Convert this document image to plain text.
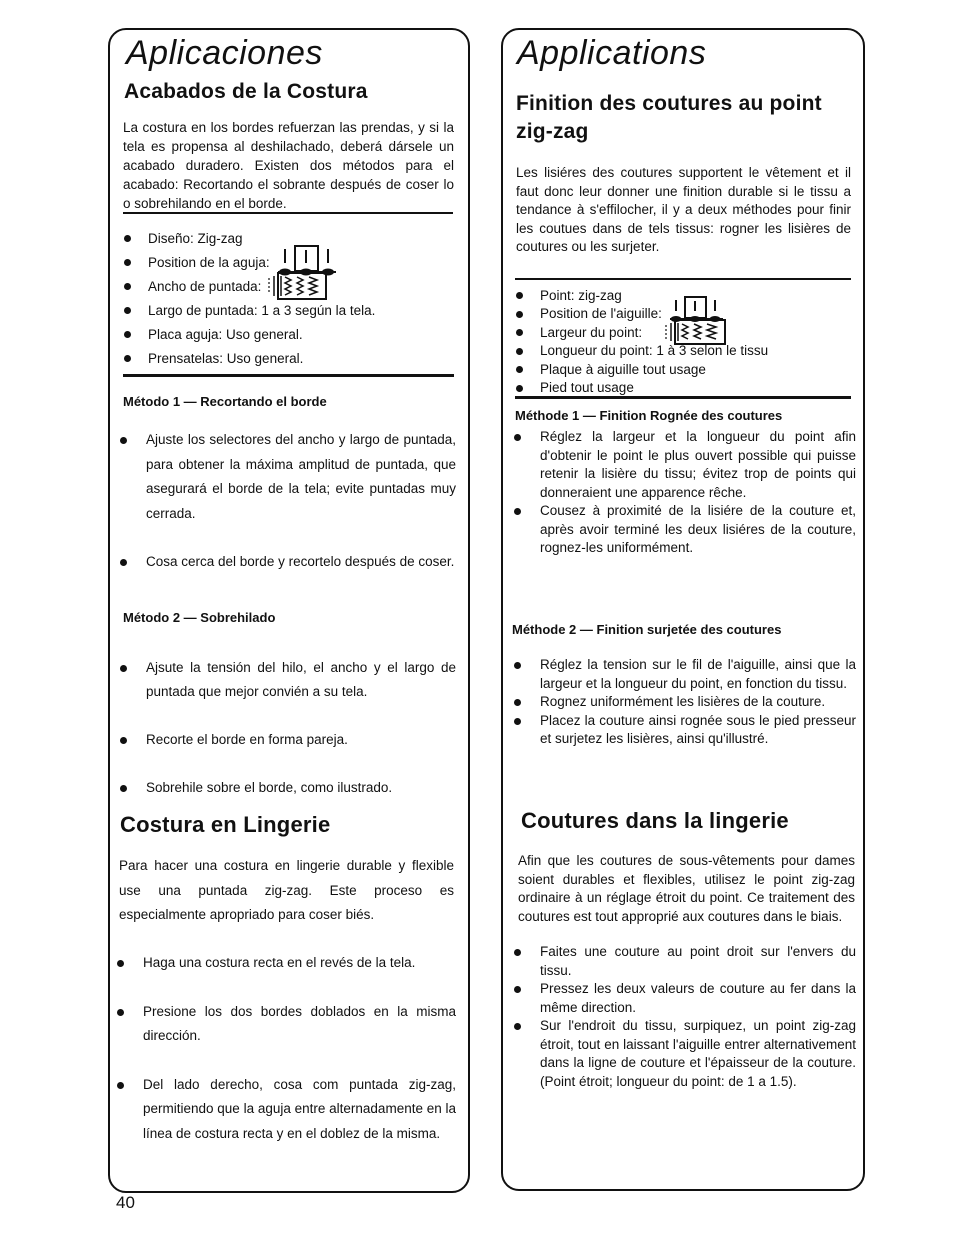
Aplicaciones
Acabados de la Costura

La costura en los bordes refuerzan las prendas, y si la tela es propensa al deshilachado, deberá dársele un acabado duradero. Existen dos métodos para el acabado: Recortando el sobrante después de coser lo o sobrehilando en el borde.

Diseño: Zig-zag
Position de la aguja:
Ancho de puntada:
Largo de puntada: 1 a 3 según la tela.
Placa aguja: Uso general.
Prensatelas: Uso general.
Método 1 — Recortando el borde
Ajuste los selectores del ancho y largo de puntada, para obtener la máxima amplitud de puntada, que asegurará el borde de la tela; evite puntadas muy cerrada.
Cosa cerca del borde y recortelo después de coser.
Método 2 — Sobrehilado
Ajsute la tensión del hilo, el ancho y el largo de puntada que mejor convién a su tela.
Recorte el borde en forma pareja.
Sobrehile sobre el borde, como ilustrado.
Costura en Lingerie

Para hacer una costura en lingerie durable y flexible use una puntada zig-zag. Este proceso es especialmente apropriado para coser biés.

Haga una costura recta en el revés de la tela.
Presione los dos bordes doblados en la misma dirección.
Del lado derecho, cosa com puntada zig-zag, permitiendo que la aguja entre alternadamente en la línea de costura recta y en el doblez de la misma.
Applications
Finition des coutures au point zig-zag

Les lisiéres des coutures supportent le vêtement et il faut donc leur donner une finition durable si le tissu a tendance à s'effilocher, il y a deux méthodes pour finir les coutues dans de tels tissus: rogner les lisières de coutures ou les surjeter.

Point: zig-zag
Position de l'aiguille:
Largeur du point:
Longueur du point: 1 à 3 selon le tissu
Plaque à aiguille tout usage
Pied tout usage
Méthode 1 — Finition Rognée des coutures
Réglez la largeur et la longueur du point afin d'obtenir le point le plus ouvert possible qui puisse retenir la lisière du tissu; évitez trop de points qui donneraient une apparence rêche.
Cousez à proximité de la lisiére de la couture et, après avoir terminé les deux lisiéres de la couture, rognez-les uniformément.
Méthode 2 — Finition surjetée des coutures
Réglez la tension sur le fil de l'aiguille, ainsi que la largeur et la longueur du point, en fonction du tissu.
Rognez uniformément les lisières de la couture.
Placez la couture ainsi rognée sous le pied presseur et surjetez les lisières, ainsi qu'illustré.
Coutures dans la lingerie

Afin que les coutures de sous-vêtements pour dames soient durables et flexibles, utilisez le point zig-zag ordinaire à un réglage étroit du point. Ce traitement des coutures est tout approprié aux coutures dans le biais.

Faites une couture au point droit sur l'envers du tissu.
Pressez les deux valeurs de couture au fer dans la même direction.
Sur l'endroit du tissu, surpiquez, un point zig-zag étroit, tout en laissant l'aiguille entrer alternativement dans la ligne de couture et l'épaisseur de la couture. (Point étroit; longueur du point: de 1 a 1.5).
40
